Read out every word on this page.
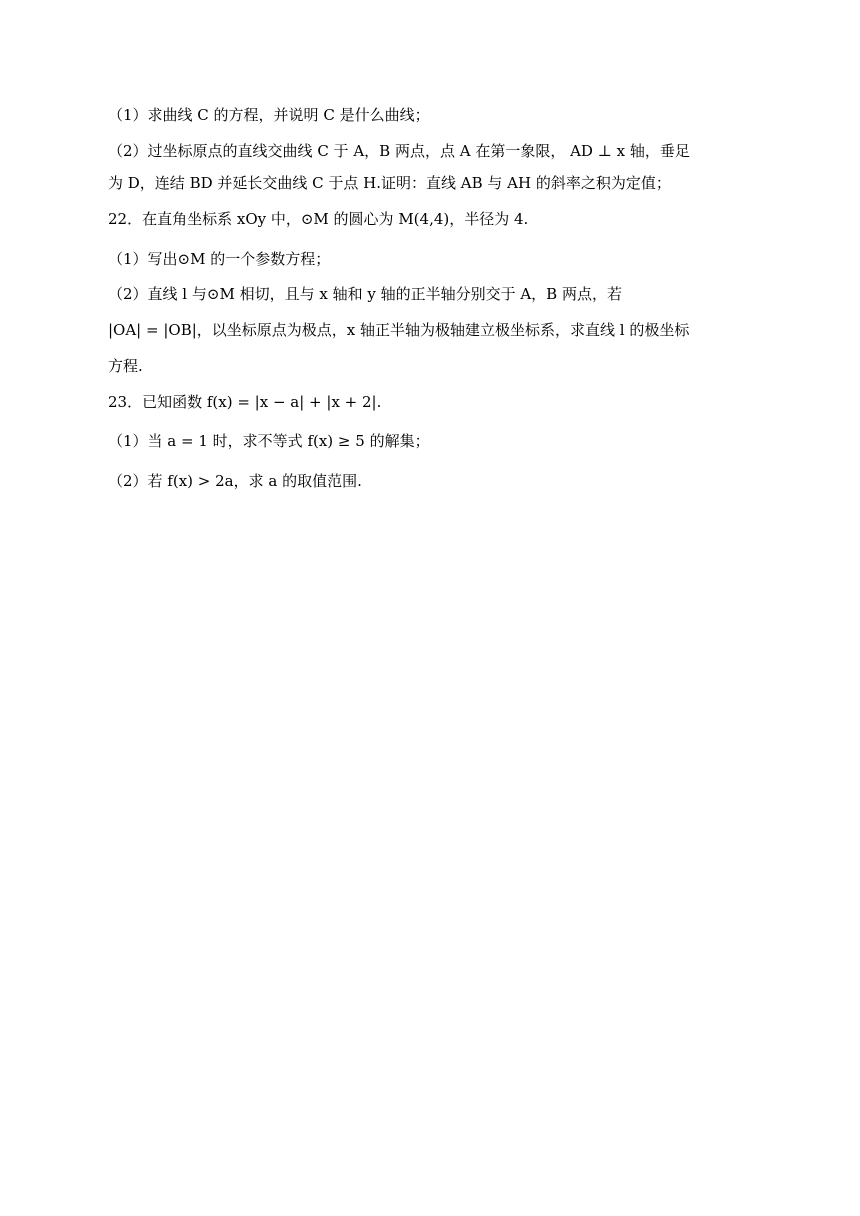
（1）求曲线 C 的方程，并说明 C 是什么曲线；
（2）过坐标原点的直线交曲线 C 于 A，B 两点，点 A 在第一象限， AD ⊥ x 轴，垂足
为 D，连结 BD 并延长交曲线 C 于点 H.证明：直线 AB 与 AH 的斜率之积为定值；
22．在直角坐标系 xOy 中，⊙M 的圆心为 M(4,4)，半径为 4.
（1）写出⊙M 的一个参数方程；
（2）直线 l 与⊙M 相切，且与 x 轴和 y 轴的正半轴分别交于 A，B 两点，若
|OA| = |OB|，以坐标原点为极点，x 轴正半轴为极轴建立极坐标系，求直线 l 的极坐标
方程.
23．已知函数 f(x) = |x − a| + |x + 2|.
（1）当 a = 1 时，求不等式 f(x) ≥ 5 的解集；
（2）若 f(x) > 2a，求 a 的取值范围.
